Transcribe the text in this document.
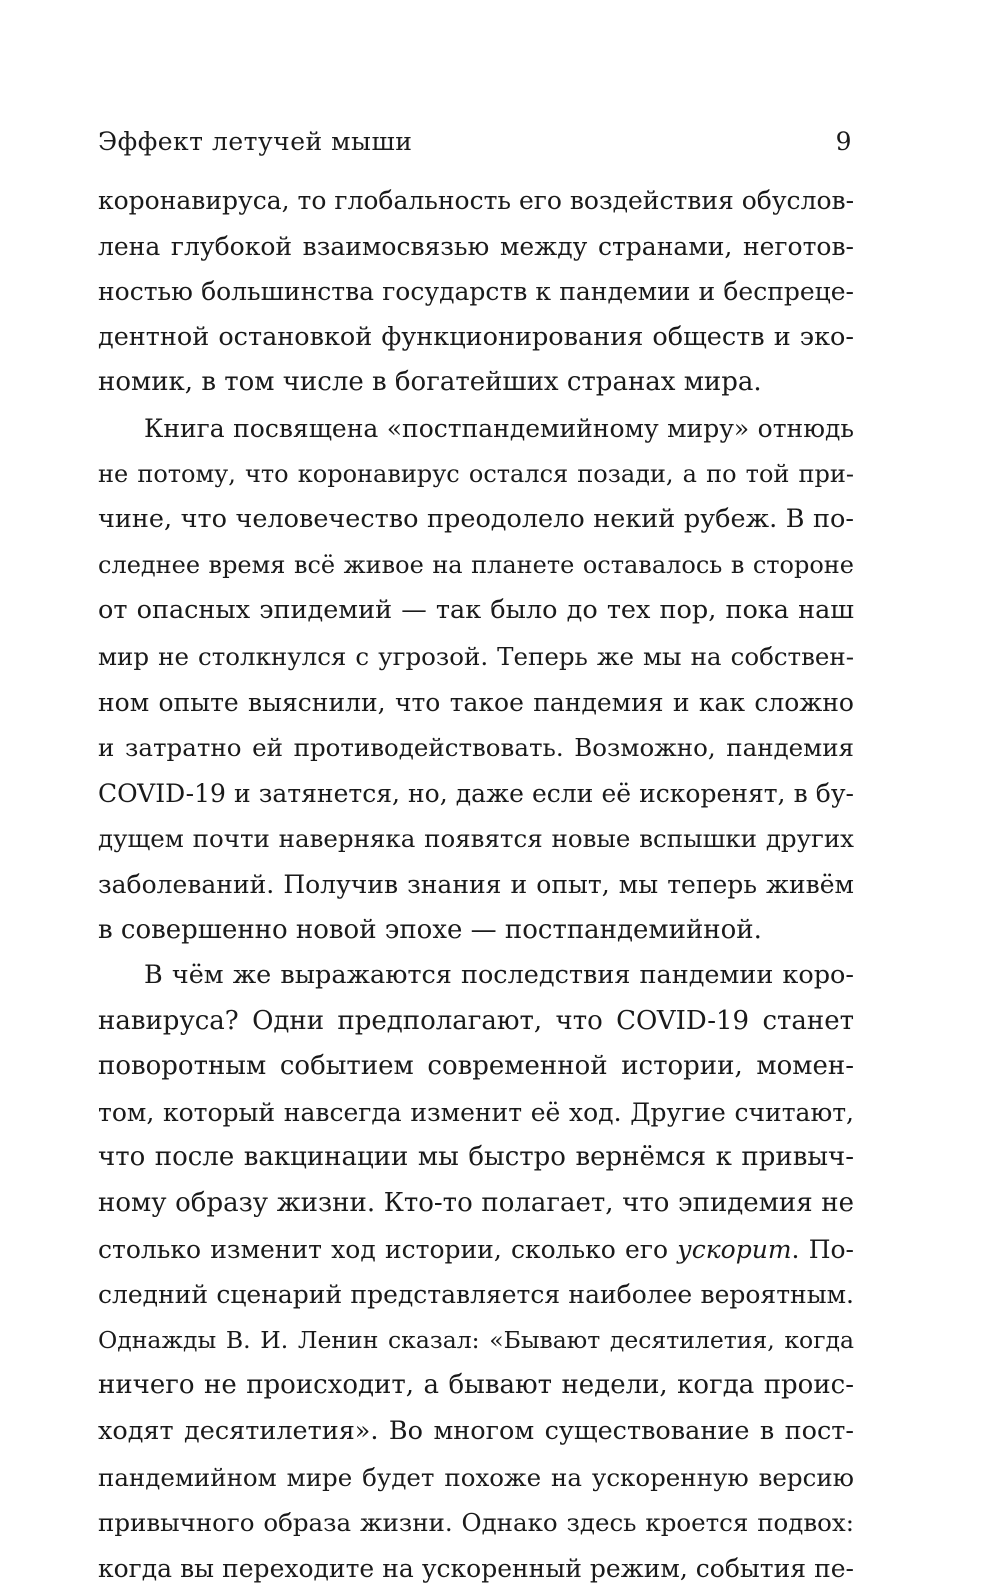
Эффект летучей мыши	9
коронавируса, то глобальность его воздействия обуслов-
лена глубокой взаимосвязью между странами, неготов-
ностью большинства государств к пандемии и беспреце-
дентной остановкой функционирования обществ и эко-
номик, в том числе в богатейших странах мира.
Книга посвящена «постпандемийному миру» отнюдь
не потому, что коронавирус остался позади, а по той при-
чине, что человечество преодолело некий рубеж. В по-
следнее время всё живое на планете оставалось в стороне
от опасных эпидемий — так было до тех пор, пока наш
мир не столкнулся с угрозой. Теперь же мы на собствен-
ном опыте выяснили, что такое пандемия и как сложно
и затратно ей противодействовать. Возможно, пандемия
COVID-19 и затянется, но, даже если её искоренят, в бу-
дущем почти наверняка появятся новые вспышки других
заболеваний. Получив знания и опыт, мы теперь живём
в совершенно новой эпохе — постпандемийной.
В чём же выражаются последствия пандемии коро-
навируса? Одни предполагают, что COVID-19 станет
поворотным событием современной истории, момен-
том, который навсегда изменит её ход. Другие считают,
что после вакцинации мы быстро вернёмся к привыч-
ному образу жизни. Кто-то полагает, что эпидемия не
столько изменит ход истории, сколько его ускорит. По-
следний сценарий представляется наиболее вероятным.
Однажды В. И. Ленин сказал: «Бывают десятилетия, когда
ничего не происходит, а бывают недели, когда проис-
ходят десятилетия». Во многом существование в пост-
пандемийном мире будет похоже на ускоренную версию
привычного образа жизни. Однако здесь кроется подвох:
когда вы переходите на ускоренный режим, события пе-
